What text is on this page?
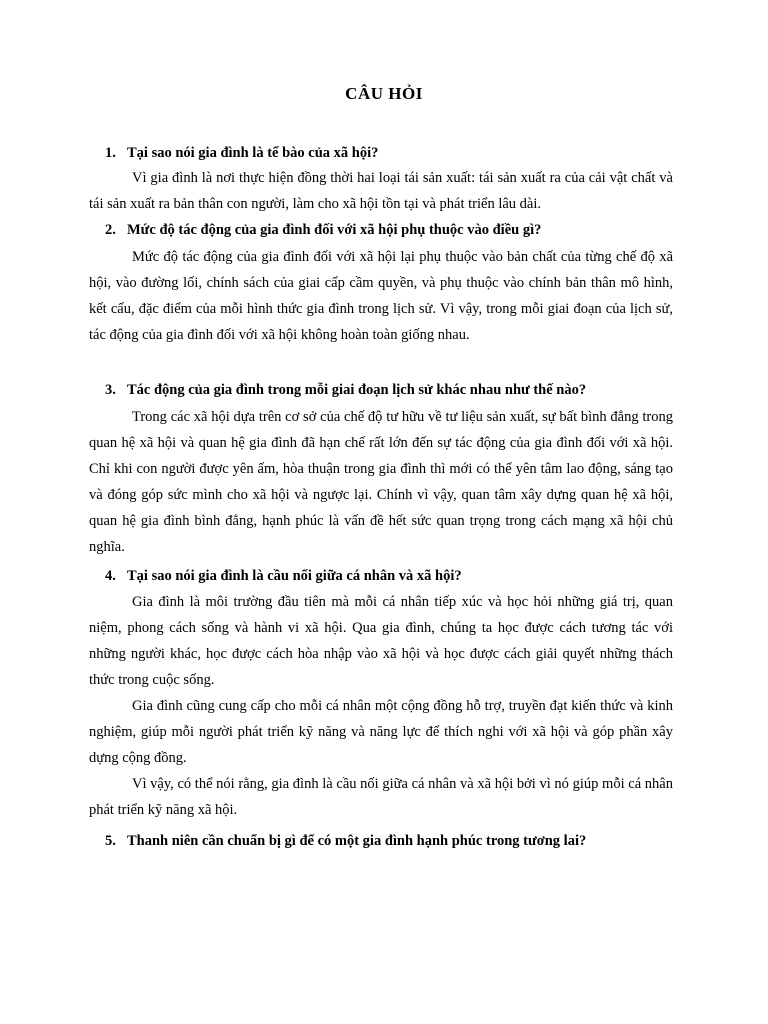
CÂU HỎI
1. Tại sao nói gia đình là tế bào của xã hội?
Vì gia đình là nơi thực hiện đồng thời hai loại tái sản xuất: tái sản xuất ra của cải vật chất và tái sản xuất ra bản thân con người, làm cho xã hội tồn tại và phát triển lâu dài.
2. Mức độ tác động của gia đình đối với xã hội phụ thuộc vào điều gì?
Mức độ tác động của gia đình đối với xã hội lại phụ thuộc vào bản chất của từng chế độ xã hội, vào đường lối, chính sách của giai cấp cầm quyền, và phụ thuộc vào chính bản thân mô hình, kết cấu, đặc điểm của mỗi hình thức gia đình trong lịch sử. Vì vậy, trong mỗi giai đoạn của lịch sử, tác động của gia đình đối với xã hội không hoàn toàn giống nhau.
3. Tác động của gia đình trong mỗi giai đoạn lịch sử khác nhau như thế nào?
Trong các xã hội dựa trên cơ sở của chế độ tư hữu về tư liệu sản xuất, sự bất bình đẳng trong quan hệ xã hội và quan hệ gia đình đã hạn chế rất lớn đến sự tác động của gia đình đối với xã hội. Chỉ khi con người được yên ấm, hòa thuận trong gia đình thì mới có thể yên tâm lao động, sáng tạo và đóng góp sức mình cho xã hội và ngược lại. Chính vì vậy, quan tâm xây dựng quan hệ xã hội, quan hệ gia đình bình đẳng, hạnh phúc là vấn đề hết sức quan trọng trong cách mạng xã hội chủ nghĩa.
4. Tại sao nói gia đình là cầu nối giữa cá nhân và xã hội?
Gia đình là môi trường đầu tiên mà mỗi cá nhân tiếp xúc và học hỏi những giá trị, quan niệm, phong cách sống và hành vi xã hội. Qua gia đình, chúng ta học được cách tương tác với những người khác, học được cách hòa nhập vào xã hội và học được cách giải quyết những thách thức trong cuộc sống.
Gia đình cũng cung cấp cho mỗi cá nhân một cộng đồng hỗ trợ, truyền đạt kiến thức và kinh nghiệm, giúp mỗi người phát triển kỹ năng và năng lực để thích nghi với xã hội và góp phần xây dựng cộng đồng.
Vì vậy, có thể nói rằng, gia đình là cầu nối giữa cá nhân và xã hội bởi vì nó giúp mỗi cá nhân phát triển kỹ năng xã hội.
5. Thanh niên cần chuẩn bị gì để có một gia đình hạnh phúc trong tương lai?
